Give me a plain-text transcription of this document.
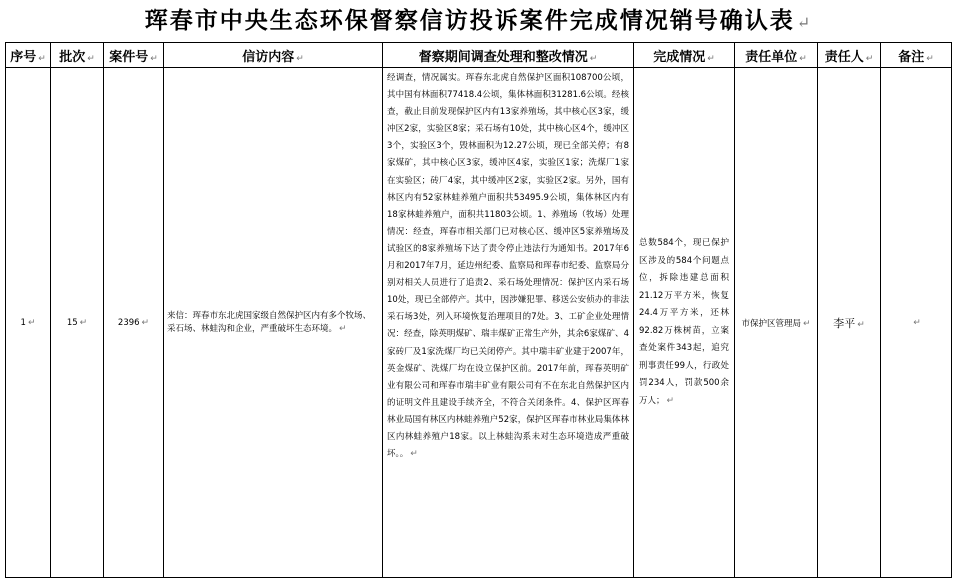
珲春市中央生态环保督察信访投诉案件完成情况销号确认表 ↵
序号 ↵	批次 ↵	案件号 ↵	信访内容 ↵	督察期间调查处理和整改情况 ↵	完成情况 ↵	责任单位 ↵	责任人 ↵	备注 ↵
1 ↵	15 ↵	2396 ↵	来信：珲春市东北虎国家级自然保护区内有多个牧场、采石场、林蛙沟和企业，严重破坏生态环境。 ↵	经调查，情况属实。珲春东北虎自然保护区面积108700公顷，其中国有林面积77418.4公顷，集体林面积31281.6公顷。经核查，截止目前发现保护区内有13家养殖场，其中核心区3家，缓冲区2家，实验区8家；采石场有10处，其中核心区4个，缓冲区3个，实验区3个，毁林面积为12.27公顷，现已全部关停；有8家煤矿，其中核心区3家，缓冲区4家，实验区1家；洗煤厂1家在实验区；砖厂4家，其中缓冲区2家，实验区2家。另外，国有林区内有52家林蛙养殖户面积共53495.9公顷，集体林区内有18家林蛙养殖户，面积共11803公顷。1、养殖场（牧场）处理情况：经查，珲春市相关部门已对核心区、缓冲区5家养殖场及试验区的8家养殖场下达了责令停止违法行为通知书。2017年6月和2017年7月，延边州纪委、监察局和珲春市纪委、监察局分别对相关人员进行了追责2、采石场处理情况：保护区内采石场10处，现已全部停产。其中，因涉嫌犯罪、移送公安侦办的非法采石场3处，列入环境恢复治理项目的7处。3、工矿企业处理情况：经查，除英明煤矿、瑞丰煤矿正常生产外，其余6家煤矿、4家砖厂及1家洗煤厂均已关闭停产。其中瑞丰矿业建于2007年，英金煤矿、洗煤厂均在设立保护区前。2017年前，珲春英明矿业有限公司和珲春市瑞丰矿业有限公司有不在东北自然保护区内的证明文件且建设手续齐全，不符合关闭条件。4、保护区珲春林业局国有林区内林蛙养殖户52家，保护区珲春市林业局集体林区内林蛙养殖户18家。以上林蛙沟系未对生态环境造成严重破坏。。 ↵	总数584个，现已保护区涉及的584个问题点位，拆除违建总面积21.12万平方米，恢复24.4万平方米，还林92.82万株树苗，立案查处案件343起，追究刑事责任99人，行政处罚234人，罚款500余万人； ↵	市保护区管理局 ↵	李平 ↵	↵
